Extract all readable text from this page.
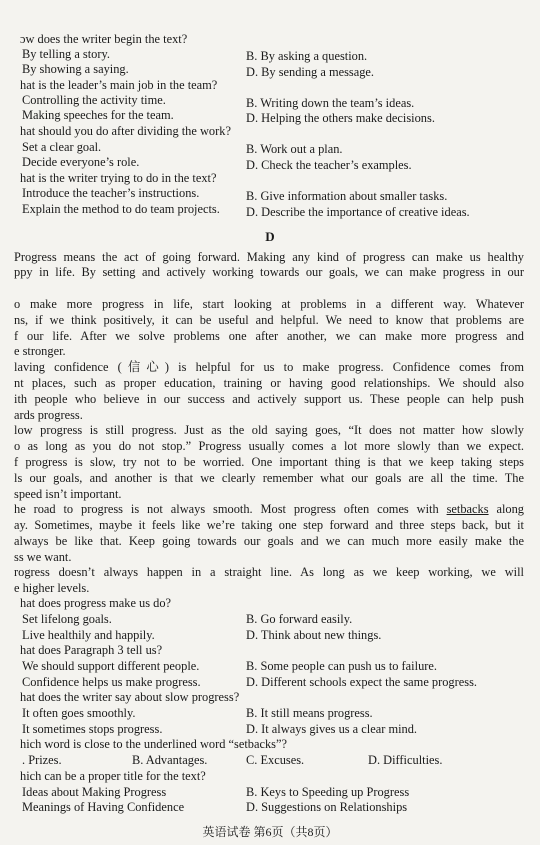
ɔw does the writer begin the text?
By telling a story.	B. By asking a question.
By showing a saying.	D. By sending a message.
hat is the leader’s main job in the team?
Controlling the activity time.	B. Writing down the team’s ideas.
Making speeches for the team.	D. Helping the others make decisions.
hat should you do after dividing the work?
Set a clear goal.	B. Work out a plan.
Decide everyone’s role.	D. Check the teacher’s examples.
hat is the writer trying to do in the text?
Introduce the teacher’s instructions.	B. Give information about smaller tasks.
Explain the method to do team projects. D. Describe the importance of creative ideas.
D
Progress means the act of going forward. Making any kind of progress can make us healthy
ppy in life. By setting and actively working towards our goals, we can make progress in our
o make more progress in life, start looking at problems in a different way. Whatever
ns, if we think positively, it can be useful and helpful. We need to know that problems are
f our life. After we solve problems one after another, we can make more progress and
e stronger.
laving confidence (信心) is helpful for us to make progress. Confidence comes from
nt places, such as proper education, training or having good relationships. We should also
ith people who believe in our success and actively support us. These people can help push
ards progress.
low progress is still progress. Just as the old saying goes, “It does not matter how slowly
o as long as you do not stop.” Progress usually comes a lot more slowly than we expect.
f progress is slow, try not to be worried. One important thing is that we keep taking steps
ls our goals, and another is that we clearly remember what our goals are all the time. The
speed isn’t important.
he road to progress is not always smooth. Most progress often comes with setbacks along
ay. Sometimes, maybe it feels like we’re taking one step forward and three steps back, but it
always be like that. Keep going towards our goals and we can much more easily make the
ss we want.
rogress doesn’t always happen in a straight line. As long as we keep working, we will
e higher levels.
hat does progress make us do?
Set lifelong goals.	B. Go forward easily.
Live healthily and happily.	D. Think about new things.
hat does Paragraph 3 tell us?
We should support different people.	B. Some people can push us to failure.
Confidence helps us make progress.	D. Different schools expect the same progress.
hat does the writer say about slow progress?
It often goes smoothly.	B. It still means progress.
It sometimes stops progress.	D. It always gives us a clear mind.
hich word is close to the underlined word “setbacks”?
. Prizes.	B. Advantages.	C. Excuses.	D. Difficulties.
hich can be a proper title for the text?
Ideas about Making Progress	B. Keys to Speeding up Progress
Meanings of Having Confidence	D. Suggestions on Relationships
英语试卷 第6页（共8页）
